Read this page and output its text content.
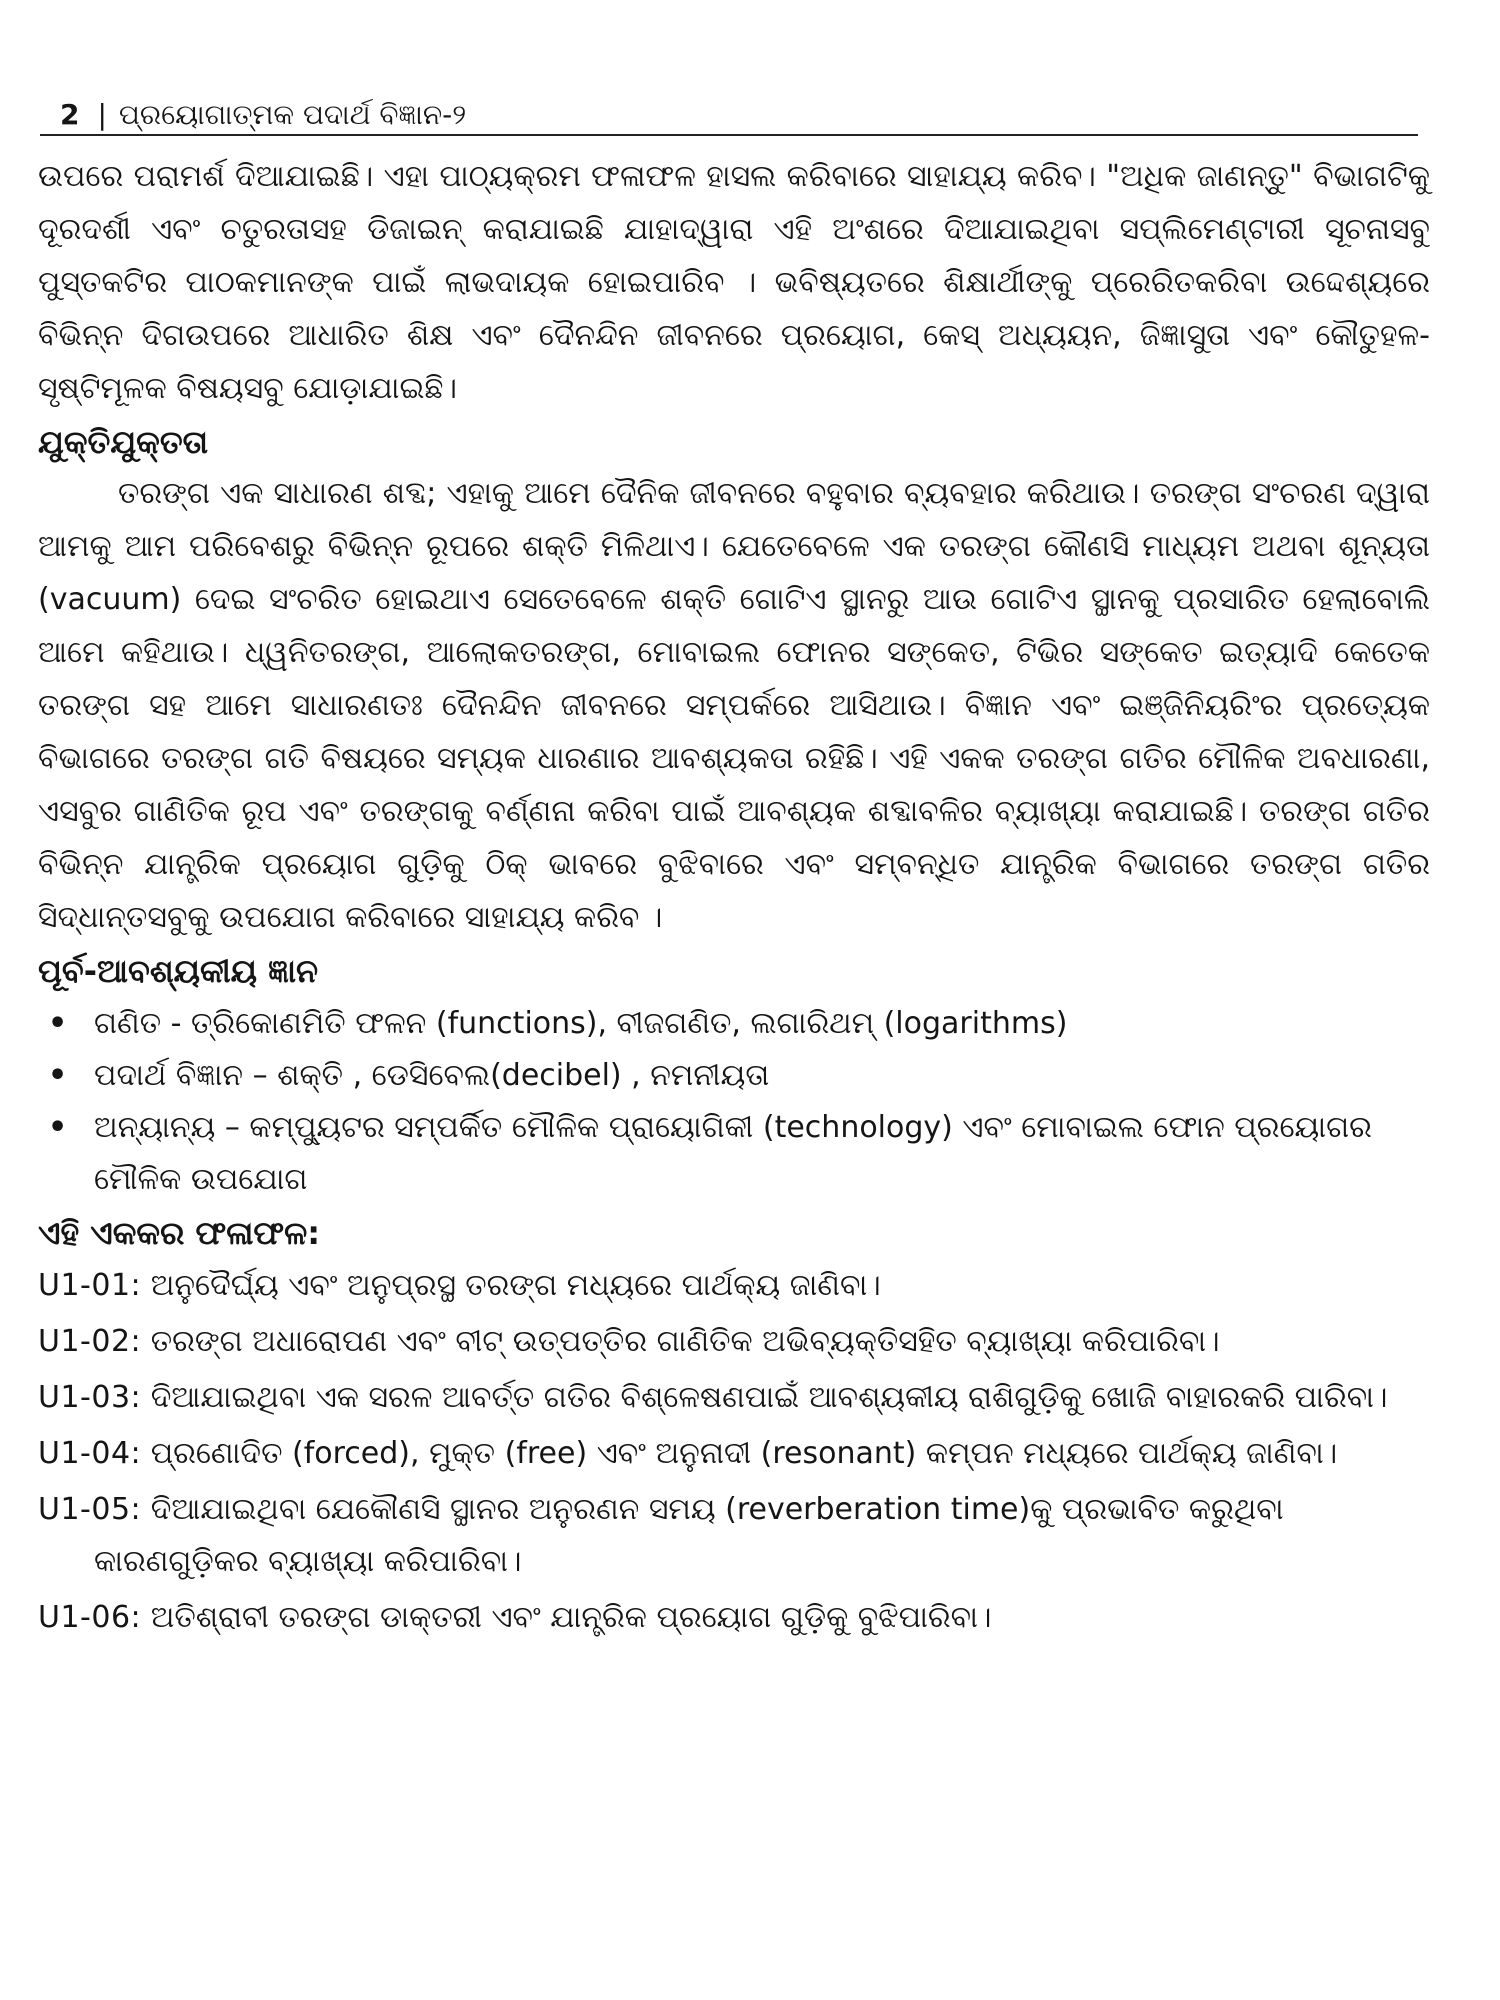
2 | ପ୍ରୟୋଗାତ୍ମକ ପଦାର୍ଥ ବିଜ୍ଞାନ-୨

ଉପରେ ପରାମର୍ଶ ଦିଆଯାଇଛି। ଏହା ପାଠ୍ୟକ୍ରମ ଫଳାଫଳ ହାସଲ କରିବାରେ ସାହାଯ୍ୟ କରିବ। "ଅଧିକ ଜାଣନ୍ତୁ" ବିଭାଗଟିକୁ ଦୂରଦର୍ଶୀ ଏବଂ ଚତୁରତାସହ ଡିଜାଇନ୍ କରାଯାଇଛି ଯାହାଦ୍ୱାରା ଏହି ଅଂଶରେ ଦିଆଯାଇଥିବା ସପ୍ଲିମେଣ୍ଟାରୀ ସୂଚନାସବୁ ପୁସ୍ତକଟିର ପାଠକମାନଙ୍କ ପାଇଁ ଲାଭଦାୟକ ହୋଇପାରିବ । ଭବିଷ୍ୟତରେ ଶିକ୍ଷାର୍ଥୀଙ୍କୁ ପ୍ରେରିତକରିବା ଉଦ୍ଦେଶ୍ୟରେ ବିଭିନ୍ନ ଦିଗଉପରେ ଆଧାରିତ ଶିକ୍ଷ ଏବଂ ଦୈନନ୍ଦିନ ଜୀବନରେ ପ୍ରୟୋଗ, କେସ୍ ଅଧ୍ୟୟନ, ଜିଜ୍ଞାସୁତା ଏବଂ କୌତୁହଳ-ସୃଷ୍ଟିମୂଳକ ବିଷୟସବୁ ଯୋଡ଼ାଯାଇଛି।

ଯୁକ୍ତିଯୁକ୍ତତା

ତରଙ୍ଗ ଏକ ସାଧାରଣ ଶବ୍ଦ; ଏହାକୁ ଆମେ ଦୈନିକ ଜୀବନରେ ବହୁବାର ବ୍ୟବହାର କରିଥାଉ। ତରଙ୍ଗ ସଂଚରଣ ଦ୍ୱାରା ଆମକୁ ଆମ ପରିବେଶରୁ ବିଭିନ୍ନ ରୂପରେ ଶକ୍ତି ମିଳିଥାଏ। ଯେତେବେଳେ ଏକ ତରଙ୍ଗ କୌଣସି ମାଧ୍ୟମ ଅଥବା ଶୂନ୍ୟତା (vacuum) ଦେଇ ସଂଚରିତ ହୋଇଥାଏ ସେତେବେଳେ ଶକ୍ତି ଗୋଟିଏ ସ୍ଥାନରୁ ଆଉ ଗୋଟିଏ ସ୍ଥାନକୁ ପ୍ରସାରିତ ହେଲାବୋଲି ଆମେ କହିଥାଉ। ଧ୍ୱନିତରଙ୍ଗ, ଆଲୋକତରଙ୍ଗ, ମୋବାଇଲ ଫୋନର ସଙ୍କେତ, ଟିଭିର ସଙ୍କେତ ଇତ୍ୟାଦି କେତେକ ତରଙ୍ଗ ସହ ଆମେ ସାଧାରଣତଃ ଦୈନନ୍ଦିନ ଜୀବନରେ ସମ୍ପର୍କରେ ଆସିଥାଉ। ବିଜ୍ଞାନ ଏବଂ ଇଞ୍ଜିନିୟରିଂର ପ୍ରତ୍ୟେକ ବିଭାଗରେ ତରଙ୍ଗ ଗତି ବିଷୟରେ ସମ୍ୟକ ଧାରଣାର ଆବଶ୍ୟକତା ରହିଛି। ଏହି ଏକକ ତରଙ୍ଗ ଗତିର ମୌଳିକ ଅବଧାରଣା, ଏସବୁର ଗାଣିତିକ ରୂପ ଏବଂ ତରଙ୍ଗକୁ ବର୍ଣ୍ଣନା କରିବା ପାଇଁ ଆବଶ୍ୟକ ଶବ୍ଦାବଳିର ବ୍ୟାଖ୍ୟା କରାଯାଇଛି। ତରଙ୍ଗ ଗତିର ବିଭିନ୍ନ ଯାନ୍ତ୍ରିକ ପ୍ରୟୋଗ ଗୁଡ଼ିକୁ ଠିକ୍ ଭାବରେ ବୁଝିବାରେ ଏବଂ ସମ୍ବନ୍ଧିତ ଯାନ୍ତ୍ରିକ ବିଭାଗରେ ତରଙ୍ଗ ଗତିର ସିଦ୍ଧାନ୍ତସବୁକୁ ଉପଯୋଗ କରିବାରେ ସାହାଯ୍ୟ କରିବ ।

ପୂର୍ବ-ଆବଶ୍ୟକୀୟ ଜ୍ଞାନ
• ଗଣିତ - ତ୍ରିକୋଣମିତି ଫଳନ (functions), ବୀଜଗଣିତ, ଲଗାରିଥମ୍ (logarithms)
• ପଦାର୍ଥ ବିଜ୍ଞାନ – ଶକ୍ତି , ଡେସିବେଲ(decibel) , ନମନୀୟତା
• ଅନ୍ୟାନ୍ୟ – କମ୍ପ୍ୟୁଟର ସମ୍ପର୍କିତ ମୌଳିକ ପ୍ରାୟୋଗିକୀ (technology) ଏବଂ ମୋବାଇଲ ଫୋନ ପ୍ରୟୋଗର ମୌଳିକ ଉପଯୋଗ
ଏହି ଏକକର ଫଳାଫଳ:

U1-01: ଅନୁଦୈର୍ଘ୍ୟ ଏବଂ ଅନୁପ୍ରସ୍ଥ ତରଙ୍ଗ ମଧ୍ୟରେ ପାର୍ଥକ୍ୟ ଜାଣିବା।

U1-02: ତରଙ୍ଗ ଅଧାରୋପଣ ଏବଂ ବୀଟ୍ ଉତ୍ପତ୍ତିର ଗାଣିତିକ ଅଭିବ୍ୟକ୍ତିସହିତ ବ୍ୟାଖ୍ୟା କରିପାରିବା।

U1-03: ଦିଆଯାଇଥିବା ଏକ ସରଳ ଆବର୍ତ୍ତ ଗତିର ବିଶ୍ଳେଷଣପାଇଁ ଆବଶ୍ୟକୀୟ ରାଶିଗୁଡ଼ିକୁ ଖୋଜି ବାହାରକରି ପାରିବା।

U1-04: ପ୍ରଣୋଦିତ (forced), ମୁକ୍ତ (free) ଏବଂ ଅନୁନାଦୀ (resonant) କମ୍ପନ ମଧ୍ୟରେ ପାର୍ଥକ୍ୟ ଜାଣିବା।

U1-05: ଦିଆଯାଇଥିବା ଯେକୌଣସି ସ୍ଥାନର ଅନୁରଣନ ସମୟ (reverberation time)କୁ ପ୍ରଭାବିତ କରୁଥିବା କାରଣଗୁଡ଼ିକର ବ୍ୟାଖ୍ୟା କରିପାରିବା।

U1-06: ଅତିଶ୍ରାବୀ ତରଙ୍ଗ ଡାକ୍ତରୀ ଏବଂ ଯାନ୍ତ୍ରିକ ପ୍ରୟୋଗ ଗୁଡ଼ିକୁ ବୁଝିପାରିବା।
